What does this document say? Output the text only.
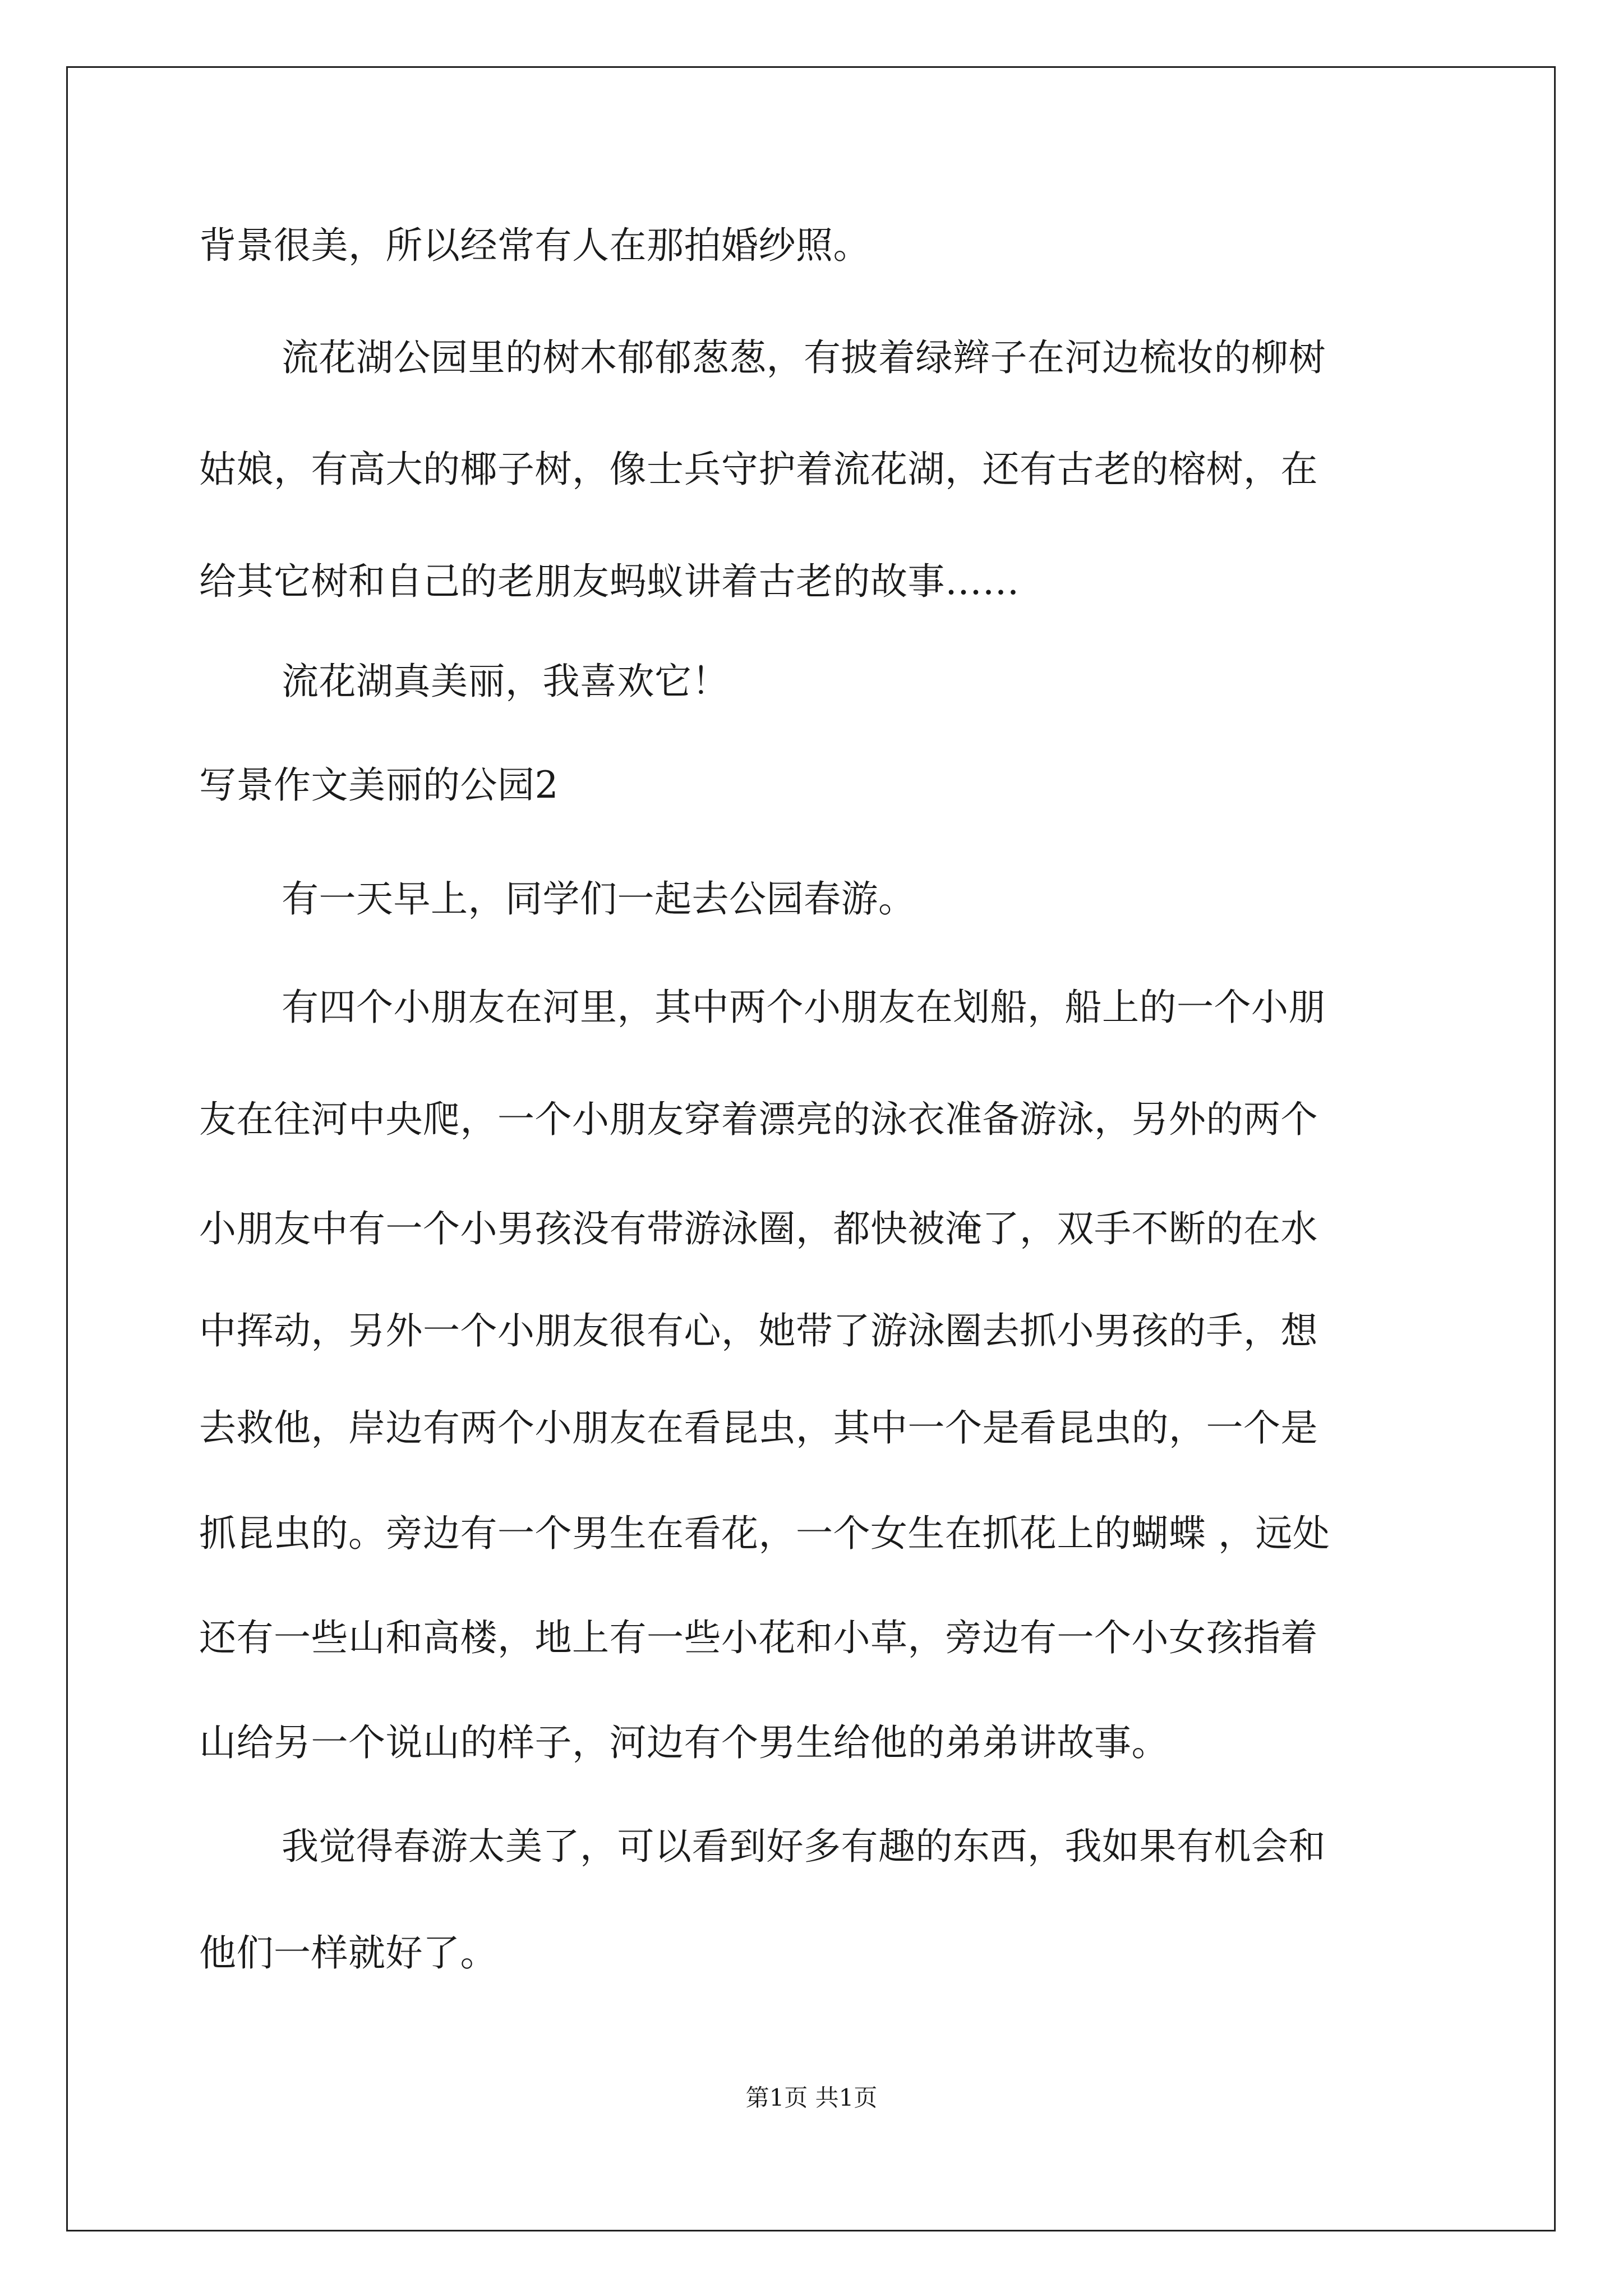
背景很美，所以经常有人在那拍婚纱照。
流花湖公园里的树木郁郁葱葱，有披着绿辫子在河边梳妆的柳树
姑娘，有高大的椰子树，像士兵守护着流花湖，还有古老的榕树，在
给其它树和自己的老朋友蚂蚁讲着古老的故事……
流花湖真美丽，我喜欢它！
写景作文美丽的公园2
有一天早上，同学们一起去公园春游。
有四个小朋友在河里，其中两个小朋友在划船，船上的一个小朋
友在往河中央爬，一个小朋友穿着漂亮的泳衣准备游泳，另外的两个
小朋友中有一个小男孩没有带游泳圈，都快被淹了，双手不断的在水
中挥动，另外一个小朋友很有心，她带了游泳圈去抓小男孩的手，想
去救他，岸边有两个小朋友在看昆虫，其中一个是看昆虫的，一个是
抓昆虫的。旁边有一个男生在看花，一个女生在抓花上的蝴蝶 ，远处
还有一些山和高楼，地上有一些小花和小草，旁边有一个小女孩指着
山给另一个说山的样子，河边有个男生给他的弟弟讲故事。
我觉得春游太美了，可以看到好多有趣的东西，我如果有机会和
他们一样就好了。
第1页 共1页
